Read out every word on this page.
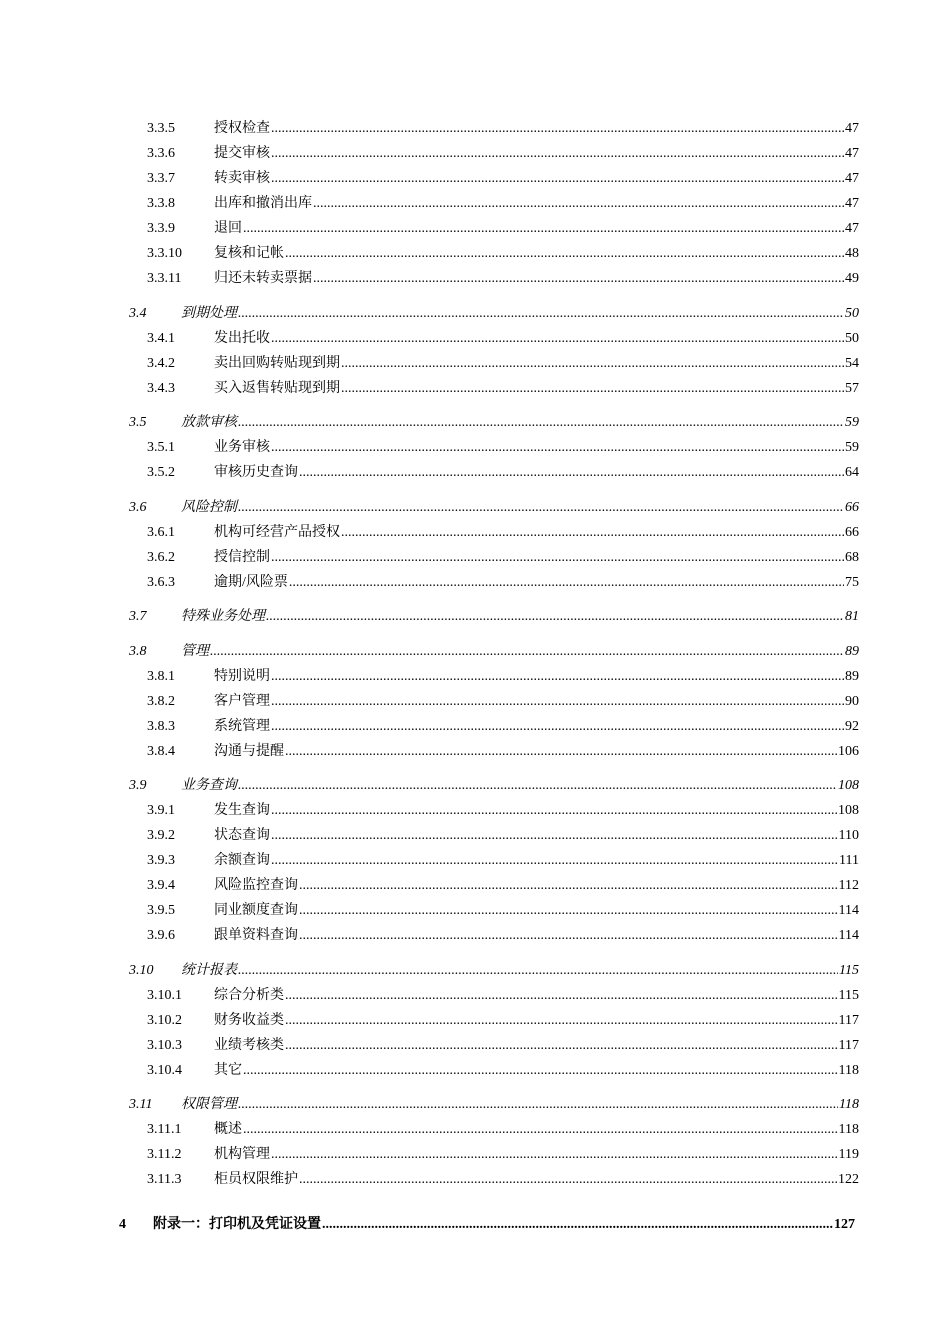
3.3.5	授权检查 .....	47
3.3.6	提交审核 .....	47
3.3.7	转卖审核 .....	47
3.3.8	出库和撤消出库 .....	47
3.3.9	退回 .....	47
3.3.10	复核和记帐 .....	48
3.3.11	归还未转卖票据 .....	49
3.4	到期处理 .....	50
3.4.1	发出托收 .....	50
3.4.2	卖出回购转贴现到期 .....	54
3.4.3	买入返售转贴现到期 .....	57
3.5	放款审核 .....	59
3.5.1	业务审核 .....	59
3.5.2	审核历史查询 .....	64
3.6	风险控制 .....	66
3.6.1	机构可经营产品授权 .....	66
3.6.2	授信控制 .....	68
3.6.3	逾期/风险票 .....	75
3.7	特殊业务处理 .....	81
3.8	管理 .....	89
3.8.1	特别说明 .....	89
3.8.2	客户管理 .....	90
3.8.3	系统管理 .....	92
3.8.4	沟通与提醒 .....	106
3.9	业务查询 .....	108
3.9.1	发生查询 .....	108
3.9.2	状态查询 .....	110
3.9.3	余额查询 .....	111
3.9.4	风险监控查询 .....	112
3.9.5	同业额度查询 .....	114
3.9.6	跟单资料查询 .....	114
3.10	统计报表 .....	115
3.10.1	综合分析类 .....	115
3.10.2	财务收益类 .....	117
3.10.3	业绩考核类 .....	117
3.10.4	其它 .....	118
3.11	权限管理 .....	118
3.11.1	概述 .....	118
3.11.2	机构管理 .....	119
3.11.3	柜员权限维护 .....	122
4	附录一：打印机及凭证设置 .....	127
